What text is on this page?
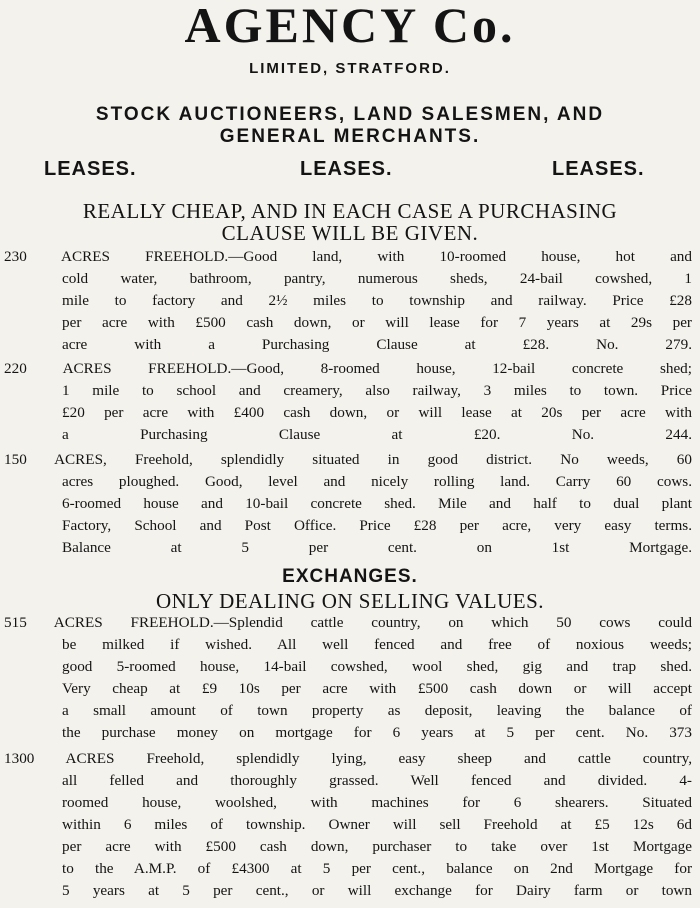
AGENCY Co.
LIMITED, STRATFORD.
STOCK AUCTIONEERS, LAND SALESMEN, AND
GENERAL MERCHANTS.
LEASES.	LEASES.	LEASES.
REALLY CHEAP, AND IN EACH CASE A PURCHASING
CLAUSE WILL BE GIVEN.
230 ACRES FREEHOLD.—Good land, with 10-roomed house, hot and
cold water, bathroom, pantry, numerous sheds, 24-bail cowshed, 1
mile to factory and 2½ miles to township and railway. Price £28
per acre with £500 cash down, or will lease for 7 years at 29s per
acre with a Purchasing Clause at £28. No. 279.
220 ACRES FREEHOLD.—Good, 8-roomed house, 12-bail concrete shed;
1 mile to school and creamery, also railway, 3 miles to town. Price
£20 per acre with £400 cash down, or will lease at 20s per acre with
a Purchasing Clause at £20. No. 244.
150 ACRES, Freehold, splendidly situated in good district. No weeds, 60
acres ploughed. Good, level and nicely rolling land. Carry 60 cows.
6-roomed house and 10-bail concrete shed. Mile and half to dual plant
Factory, School and Post Office. Price £28 per acre, very easy terms.
Balance at 5 per cent. on 1st Mortgage.
EXCHANGES.
ONLY DEALING ON SELLING VALUES.
515 ACRES FREEHOLD.—Splendid cattle country, on which 50 cows could
be milked if wished. All well fenced and free of noxious weeds;
good 5-roomed house, 14-bail cowshed, wool shed, gig and trap shed.
Very cheap at £9 10s per acre with £500 cash down or will accept
a small amount of town property as deposit, leaving the balance of
the purchase money on mortgage for 6 years at 5 per cent. No. 373
1300 ACRES Freehold, splendidly lying, easy sheep and cattle country,
all felled and thoroughly grassed. Well fenced and divided. 4-
roomed house, woolshed, with machines for 6 shearers. Situated
within 6 miles of township. Owner will sell Freehold at £5 12s 6d
per acre with £500 cash down, purchaser to take over 1st Mortgage
to the A.M.P. of £4300 at 5 per cent., balance on 2nd Mortgage for
5 years at 5 per cent., or will exchange for Dairy farm or town
